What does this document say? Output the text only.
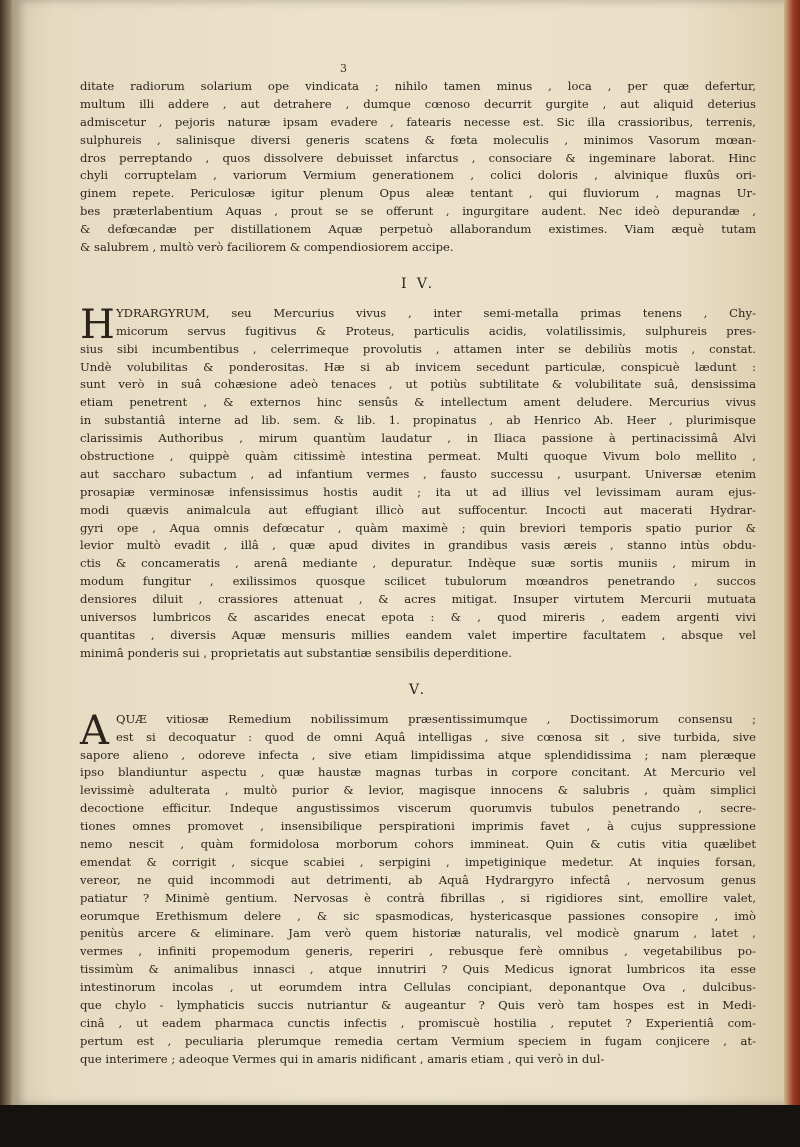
3
ditate radiorum solarium ope vindicata ; nihilo tamen minus , loca , per quæ defertur,
multum illi addere , aut detrahere , dumque cœnoso decurrit gurgite , aut aliquid deterius
admiscetur , pejoris naturæ ipsam evadere , fatearis necesse est. Sic illa crassioribus, terrenis,
sulphureis , salinisque diversi generis scatens & fœta moleculis , minimos Vasorum mœan-
dros perreptando , quos dissolvere debuisset infarctus , consociare & ingeminare laborat. Hinc
chyli corruptelam , variorum Vermium generationem , colici doloris , alvinique fluxûs ori-
ginem repete. Periculosæ igitur plenum Opus aleæ tentant , qui fluviorum , magnas Ur-
bes præterlabentium Aquas , prout se se offerunt , ingurgitare audent. Nec ideò depurandæ ,
& defœcandæ per distillationem Aquæ perpetuò allaborandum existimes. Viam æquè tutam
& salubrem , multò verò faciliorem & compendiosiorem accipe.
I V.
H YDRARGYRUM, seu Mercurius vivus , inter semi-metalla primas tenens , Chy-
micorum servus fugitivus & Proteus, particulis acidis, volatilissimis, sulphureis pres-
sius sibi incumbentibus , celerrimeque provolutis , attamen inter se debiliùs motis , constat.
Undè volubilitas & ponderositas. Hæ si ab invicem secedunt particulæ, conspicuè lædunt :
sunt verò in suâ cohæsione adeò tenaces , ut potiùs subtilitate & volubilitate suâ, densissima
etiam penetrent , & externos hinc sensûs & intellectum ament deludere. Mercurius vivus
in substantiâ interne ad lib. sem. & lib. 1. propinatus , ab Henrico Ab. Heer , plurimisque
clarissimis Authoribus , mirum quantùm laudatur , in Iliaca passione à pertinacissimâ Alvi
obstructione , quippè quàm citissimè intestina permeat. Multi quoque Vivum bolo mellito ,
aut saccharo subactum , ad infantium vermes , fausto successu , usurpant. Universæ etenim
prosapiæ verminosæ infensissimus hostis audit ; ita ut ad illius vel levissimam auram ejus-
modi quævis animalcula aut effugiant illicò aut suffocentur. Incocti aut macerati Hydrar-
gyri ope , Aqua omnis defœcatur , quàm maximè ; quin breviori temporis spatio purior &
levior multò evadit , illâ , quæ apud divites in grandibus vasis æreis , stanno intùs obdu-
ctis & concameratis , arenâ mediante , depuratur. Indèque suæ sortis muniis , mirum in
modum fungitur , exilissimos quosque scilicet tubulorum mœandros penetrando , succos
densiores diluit , crassiores attenuat , & acres mitigat. Insuper virtutem Mercurii mutuata
universos lumbricos & ascarides enecat epota : & , quod mireris , eadem argenti vivi
quantitas , diversis Aquæ mensuris millies eandem valet impertire facultatem , absque vel
minimâ ponderis sui , proprietatis aut substantiæ sensibilis deperditione.
V.
A QUÆ vitiosæ Remedium nobilissimum præsentissimumque , Doctissimorum consensu ;
est si decoquatur : quod de omni Aquâ intelligas , sive cœnosa sit , sive turbida, sive
sapore alieno , odoreve infecta , sive etiam limpidissima atque splendidissima ; nam pleræque
ipso blandiuntur aspectu , quæ haustæ magnas turbas in corpore concitant. At Mercurio vel
levissimè adulterata , multò purior & levior, magisque innocens & salubris , quàm simplici
decoctione efficitur. Indeque angustissimos viscerum quorumvis tubulos penetrando , secre-
tiones omnes promovet , insensibilique perspirationi imprimis favet , à cujus suppressione
nemo nescit , quàm formidolosa morborum cohors immineat. Quin & cutis vitia quælibet
emendat & corrigit , sicque scabiei , serpigini , impetiginique medetur. At inquies forsan,
vereor, ne quid incommodi aut detrimenti, ab Aquâ Hydrargyro infectâ , nervosum genus
patiatur ? Minimè gentium. Nervosas è contrà fibrillas , si rigidiores sint, emollire valet,
eorumque Erethismum delere , & sic spasmodicas, hystericasque passiones consopire , imò
penitùs arcere & eliminare. Jam verò quem historiæ naturalis, vel modicè gnarum , latet ,
vermes , infiniti propemodum generis, reperiri , rebusque ferè omnibus , vegetabilibus po-
tissimùm & animalibus innasci , atque innutriri ? Quis Medicus ignorat lumbricos ita esse
intestinorum incolas , ut eorumdem intra Cellulas concipiant, deponantque Ova , dulcibus-
que chylo - lymphaticis succis nutriantur & augeantur ? Quis verò tam hospes est in Medi-
cinâ , ut eadem pharmaca cunctis infectis , promiscuè hostilia , reputet ? Experientiâ com-
pertum est , peculiaria plerumque remedia certam Vermium speciem in fugam conjicere , at-
que interimere ; adeoque Vermes qui in amaris nidificant , amaris etiam , qui verò in dul-
